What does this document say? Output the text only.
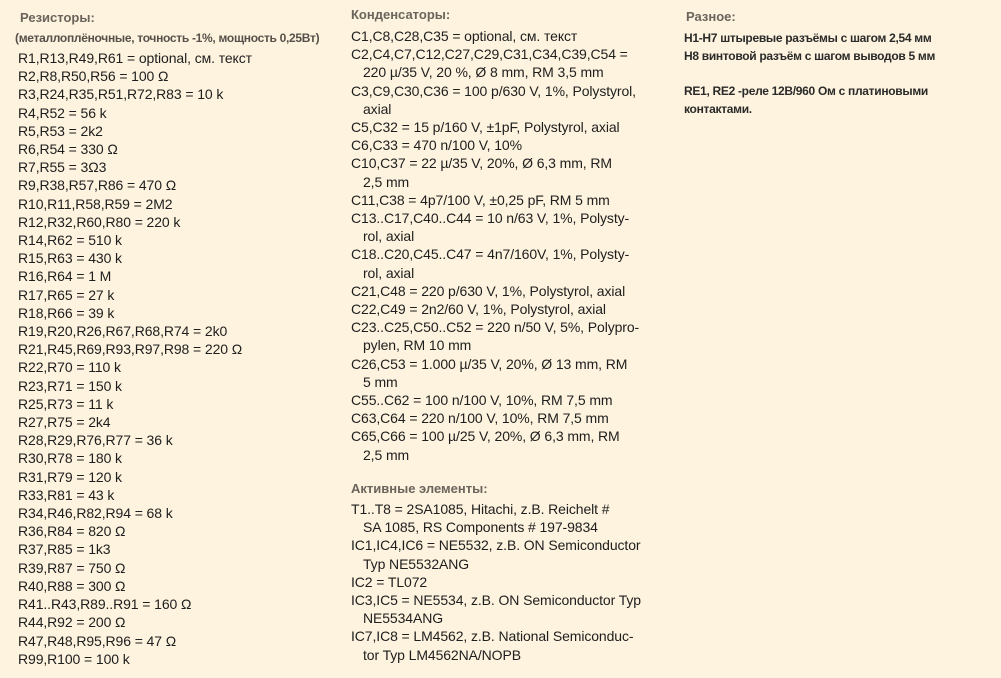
Резисторы:
(металлоплёночные, точность -1%, мощность 0,25Вт)
R1,R13,R49,R61 = optional, см. текст
R2,R8,R50,R56 = 100 Ω
R3,R24,R35,R51,R72,R83 = 10 k
R4,R52 = 56 k
R5,R53 = 2k2
R6,R54 = 330 Ω
R7,R55 = 3Ω3
R9,R38,R57,R86 = 470 Ω
R10,R11,R58,R59 = 2M2
R12,R32,R60,R80 = 220 k
R14,R62 = 510 k
R15,R63 = 430 k
R16,R64 = 1 M
R17,R65 = 27 k
R18,R66 = 39 k
R19,R20,R26,R67,R68,R74 = 2k0
R21,R45,R69,R93,R97,R98 = 220 Ω
R22,R70 = 110 k
R23,R71 = 150 k
R25,R73 = 11 k
R27,R75 = 2k4
R28,R29,R76,R77 = 36 k
R30,R78 = 180 k
R31,R79 = 120 k
R33,R81 = 43 k
R34,R46,R82,R94 = 68 k
R36,R84 = 820 Ω
R37,R85 = 1k3
R39,R87 = 750 Ω
R40,R88 = 300 Ω
R41..R43,R89..R91 = 160 Ω
R44,R92 = 200 Ω
R47,R48,R95,R96 = 47 Ω
R99,R100 = 100 k
Конденсаторы:
C1,C8,C28,C35 = optional, см. текст
C2,C4,C7,C12,C27,C29,C31,C34,C39,C54 =
220 µ/35 V, 20 %, Ø 8 mm, RM 3,5 mm
C3,C9,C30,C36 = 100 p/630 V, 1%, Polystyrol,
axial
C5,C32 = 15 p/160 V, ±1pF, Polystyrol, axial
C6,C33 = 470 n/100 V, 10%
C10,C37 = 22 µ/35 V, 20%, Ø 6,3 mm, RM
2,5 mm
C11,C38 = 4p7/100 V, ±0,25 pF, RM 5 mm
C13..C17,C40..C44 = 10 n/63 V, 1%, Polysty-
rol, axial
C18..C20,C45..C47 = 4n7/160V, 1%, Polysty-
rol, axial
C21,C48 = 220 p/630 V, 1%, Polystyrol, axial
C22,C49 = 2n2/60 V, 1%, Polystyrol, axial
C23..C25,C50..C52 = 220 n/50 V, 5%, Polypro-
pylen, RM 10 mm
C26,C53 = 1.000 µ/35 V, 20%, Ø 13 mm, RM
5 mm
C55..C62 = 100 n/100 V, 10%, RM 7,5 mm
C63,C64 = 220 n/100 V, 10%, RM 7,5 mm
C65,C66 = 100 µ/25 V, 20%, Ø 6,3 mm, RM
2,5 mm
Активные элементы:
T1..T8 = 2SA1085, Hitachi, z.B. Reichelt #
SA 1085, RS Components # 197-9834
IC1,IC4,IC6 = NE5532, z.B. ON Semiconductor
Typ NE5532ANG
IC2 = TL072
IC3,IC5 = NE5534, z.B. ON Semiconductor Typ
NE5534ANG
IC7,IC8 = LM4562, z.B. National Semiconduc-
tor Typ LM4562NA/NOPB
Разное:
H1-H7 штыревые разъёмы с шагом 2,54 мм
H8 винтовой разъём с шагом выводов 5 мм
RE1, RE2 -реле 12В/960 Ом с платиновыми
контактами.
